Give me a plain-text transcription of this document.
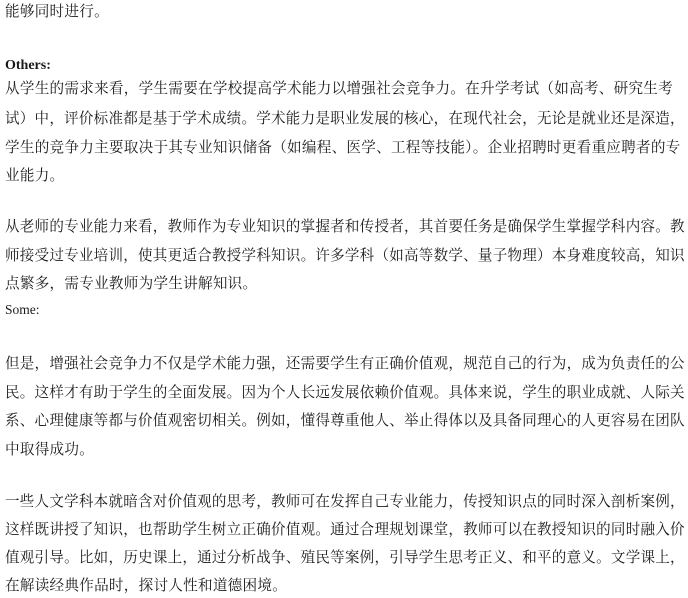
能够同时进行。
Others:
从学生的需求来看，学生需要在学校提高学术能力以增强社会竞争力。在升学考试（如高考、研究生考
试）中，评价标准都是基于学术成绩。学术能力是职业发展的核心，在现代社会，无论是就业还是深造，
学生的竞争力主要取决于其专业知识储备（如编程、医学、工程等技能）。企业招聘时更看重应聘者的专
业能力。
从老师的专业能力来看，教师作为专业知识的掌握者和传授者，其首要任务是确保学生掌握学科内容。教
师接受过专业培训，使其更适合教授学科知识。许多学科（如高等数学、量子物理）本身难度较高，知识
点繁多，需专业教师为学生讲解知识。
Some:
但是，增强社会竞争力不仅是学术能力强，还需要学生有正确价值观，规范自己的行为，成为负责任的公
民。这样才有助于学生的全面发展。因为个人长远发展依赖价值观。具体来说，学生的职业成就、人际关
系、心理健康等都与价值观密切相关。例如，懂得尊重他人、举止得体以及具备同理心的人更容易在团队
中取得成功。
一些人文学科本就暗含对价值观的思考，教师可在发挥自己专业能力，传授知识点的同时深入剖析案例，
这样既讲授了知识，也帮助学生树立正确价值观。通过合理规划课堂，教师可以在教授知识的同时融入价
值观引导。比如，历史课上，通过分析战争、殖民等案例，引导学生思考正义、和平的意义。文学课上，
在解读经典作品时，探讨人性和道德困境。
